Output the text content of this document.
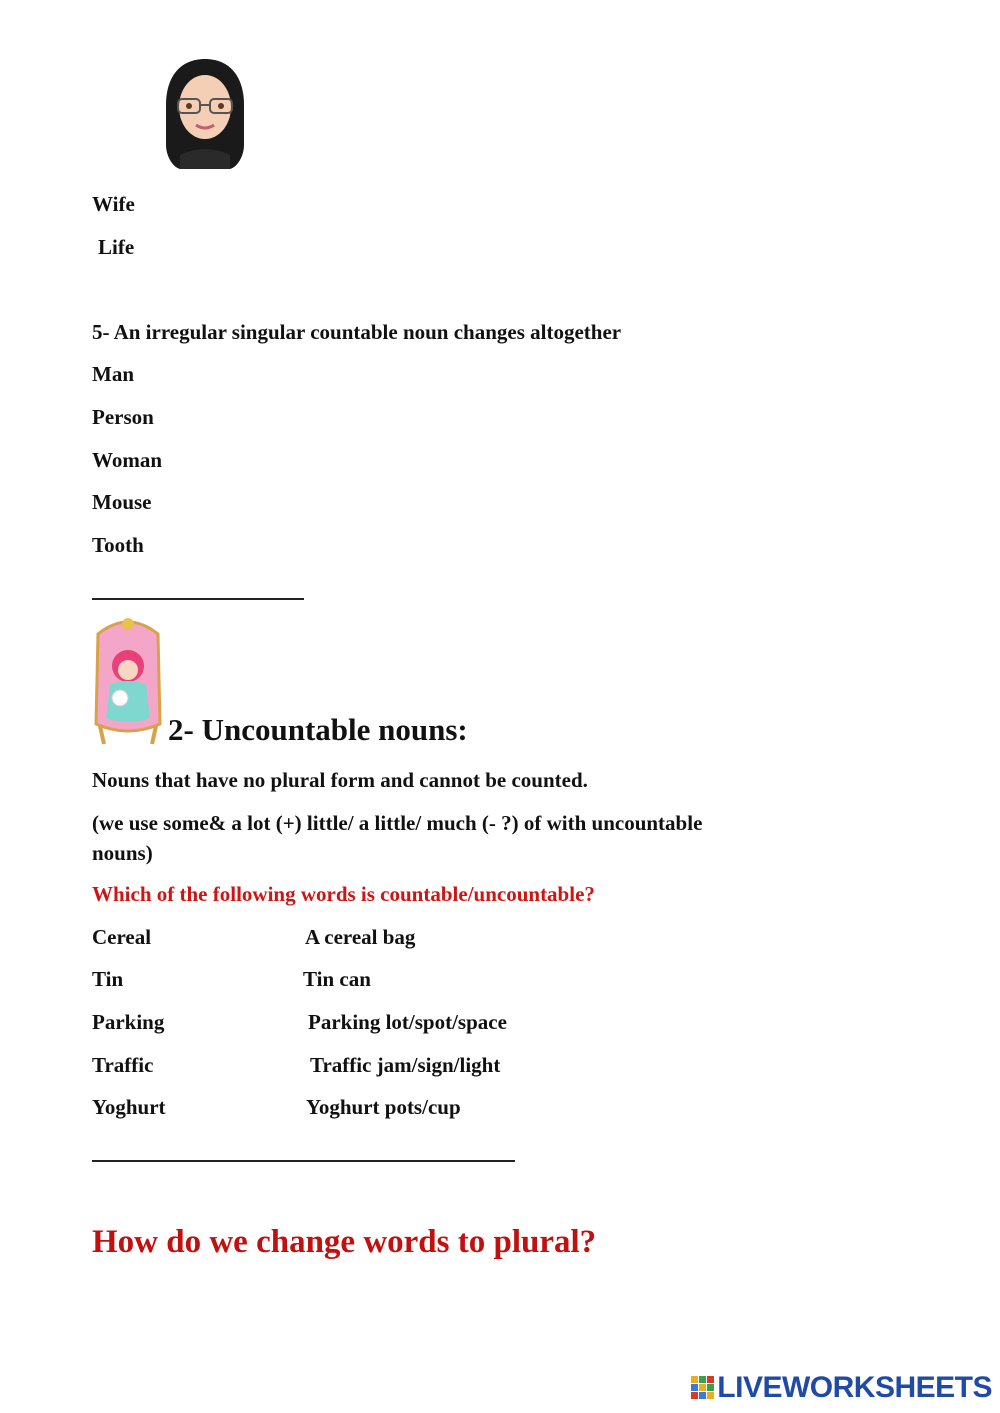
Wife
Life
5- An irregular singular countable noun changes altogether
Man
Person
Woman
Mouse
Tooth
2- Uncountable nouns:
Nouns that have no plural form and cannot be counted.
(we use some& a lot (+) little/ a little/ much (- ?) of with uncountable
nouns)
Which of the following words is countable/uncountable?
Cereal	A cereal bag
Tin	Tin can
Parking	Parking lot/spot/space
Traffic	Traffic jam/sign/light
Yoghurt	Yoghurt pots/cup
How do we change words to plural?
LIVEWORKSHEETS
